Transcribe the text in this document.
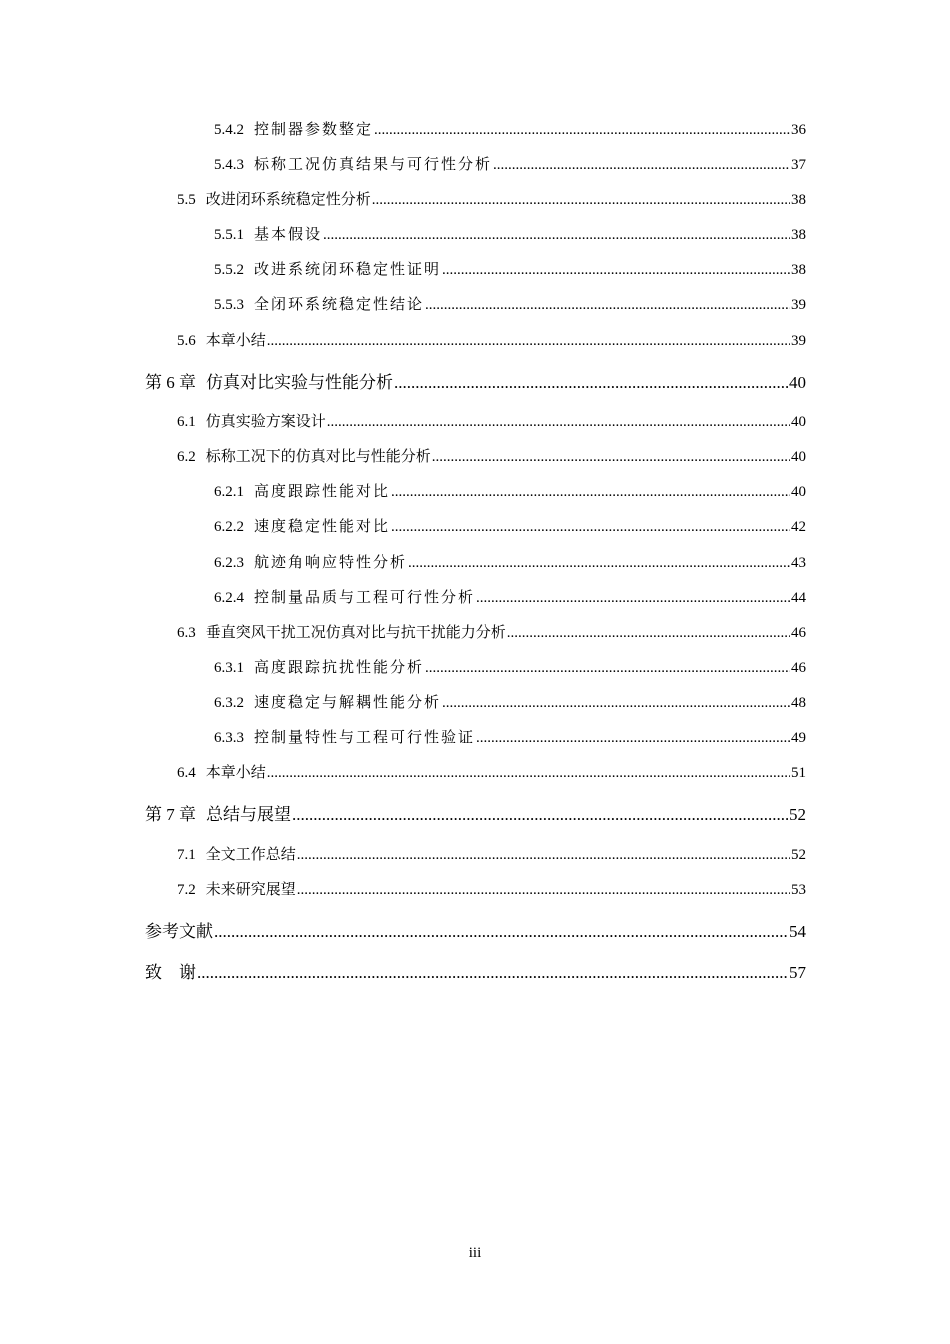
5.4.2 控制器参数整定 .....	36
5.4.3 标称工况仿真结果与可行性分析 .....	37
5.5 改进闭环系统稳定性分析 .....	38
5.5.1 基本假设 .....	38
5.5.2 改进系统闭环稳定性证明 .....	38
5.5.3 全闭环系统稳定性结论 .....	39
5.6 本章小结 .....	39
第 6 章 仿真对比实验与性能分析 .....	40
6.1 仿真实验方案设计 .....	40
6.2 标称工况下的仿真对比与性能分析 .....	40
6.2.1 高度跟踪性能对比 .....	40
6.2.2 速度稳定性能对比 .....	42
6.2.3 航迹角响应特性分析 .....	43
6.2.4 控制量品质与工程可行性分析 .....	44
6.3 垂直突风干扰工况仿真对比与抗干扰能力分析 .....	46
6.3.1 高度跟踪抗扰性能分析 .....	46
6.3.2 速度稳定与解耦性能分析 .....	48
6.3.3 控制量特性与工程可行性验证 .....	49
6.4 本章小结 .....	51
第 7 章 总结与展望 .....	52
7.1 全文工作总结 .....	52
7.2 未来研究展望 .....	53
参考文献 .....	54
致　谢 .....	57
iii
